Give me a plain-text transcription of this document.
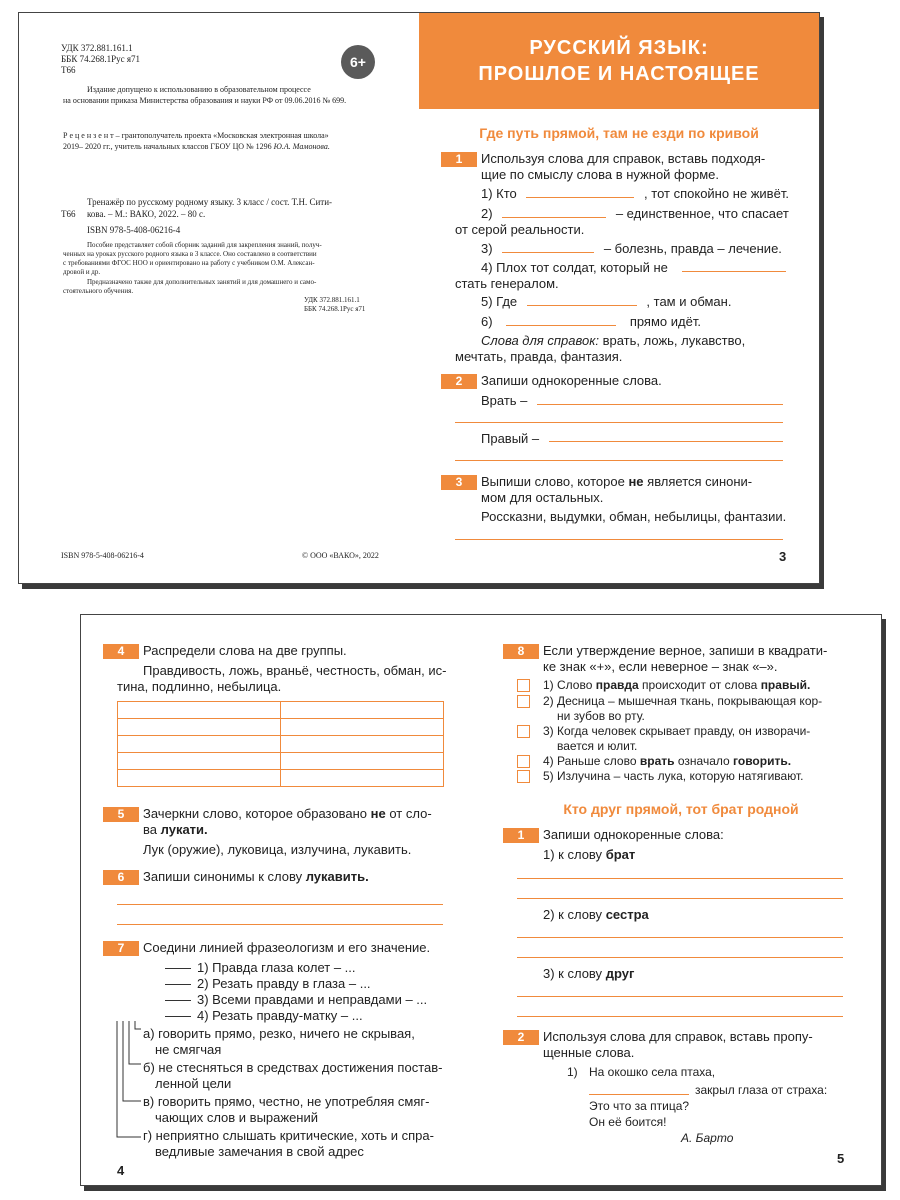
УДК 372.881.161.1
ББК 74.268.1Рус я71
Т66	6+
Издание допущено к использованию в образовательном процессе
на основании приказа Министерства образования и науки РФ от 09.06.2016 № 699.
Р е ц е н з е н т – грантополучатель проекта «Московская электронная школа»
2019– 2020 гг., учитель начальных классов ГБОУ ЦО № 1296 Ю.А. Мамонова.
Тренажёр по русскому родному языку. 3 класс / сост. Т.Н. Сити-
Т66 кова. – М.: ВАКО, 2022. – 80 с.
ISBN 978-5-408-06216-4
Пособие представляет собой сборник заданий для закрепления знаний, получ-
ченных на уроках русского родного языка в 3 классе. Оно составлено в соответствии
с требованиями ФГОС НОО и ориентировано на работу с учебником О.М. Алексан-
дровой и др.
Предназначено также для дополнительных занятий и для домашнего и само-
стоятельного обучения.
УДК 372.881.161.1
ББК 74.268.1Рус я71
ISBN 978-5-408-06216-4	© ООО «ВАКО», 2022
РУССКИЙ ЯЗЫК:
ПРОШЛОЕ И НАСТОЯЩЕЕ
Где путь прямой, там не езди по кривой
1	Используя слова для справок, вставь подходя-
щие по смыслу слова в нужной форме.
1) Кто	, тот спокойно не живёт.
2)	– единственное, что спасает
от серой реальности.
3)	– болезнь, правда – лечение.
4) Плох тот солдат, который не
стать генералом.
5) Где	, там и обман.
6)	прямо идёт.
Слова для справок: врать, ложь, лукавство,
мечтать, правда, фантазия.
2	Запиши однокоренные слова.
Врать –
Правый –
3	Выпиши слово, которое не является синони-
мом для остальных.
Россказни, выдумки, обман, небылицы, фантазии.
3
4	Распредели слова на две группы.
Правдивость, ложь, враньё, честность, обман, ис-
тина, подлинно, небылица.

5	Зачеркни слово, которое образовано не от сло-
ва лукати.
Лук (оружие), луковица, излучина, лукавить.
6	Запиши синонимы к слову лукавить.
7	Соедини линией фразеологизм и его значение.
1) Правда глаза колет – ...
2) Резать правду в глаза – ...
3) Всеми правдами и неправдами – ...
4) Резать правду-матку – ...
а) говорить прямо, резко, ничего не скрывая,
не смягчая
б) не стесняться в средствах достижения постав-
ленной цели
в) говорить прямо, честно, не употребляя смяг-
чающих слов и выражений
г) неприятно слышать критические, хоть и спра-
ведливые замечания в свой адрес
4
8	Если утверждение верное, запиши в квадрати-
ке знак «+», если неверное – знак «–».
1) Слово правда происходит от слова правый.
2) Десница – мышечная ткань, покрывающая кор-
ни зубов во рту.
3) Когда человек скрывает правду, он изворачи-
вается и юлит.
4) Раньше слово врать означало говорить.
5) Излучина – часть лука, которую натягивают.
Кто друг прямой, тот брат родной
1	Запиши однокоренные слова:
1) к слову брат
2) к слову сестра
3) к слову друг
2	Используя слова для справок, вставь пропу-
щенные слова.
1) На окошко села птаха,
закрыл глаза от страха:
Это что за птица?
Он её боится!
А. Барто
5
